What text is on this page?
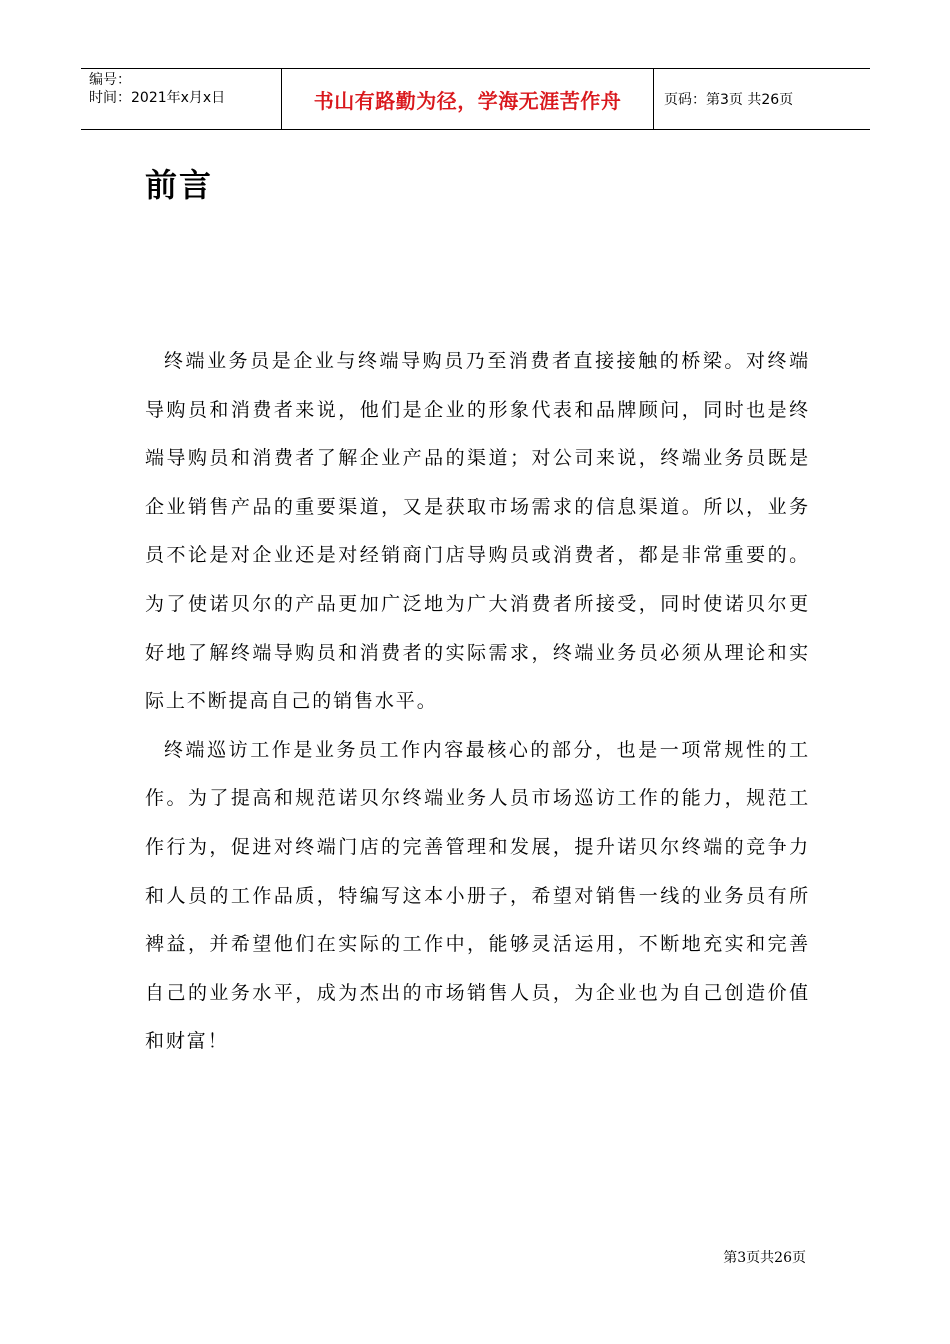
编号：
时间：2021年x月x日	书山有路勤为径，学海无涯苦作舟	页码：第3页 共26页
前言

终端业务员是企业与终端导购员乃至消费者直接接触的桥梁。对终端导购员和消费者来说，他们是企业的形象代表和品牌顾问，同时也是终端导购员和消费者了解企业产品的渠道；对公司来说，终端业务员既是企业销售产品的重要渠道，又是获取市场需求的信息渠道。所以，业务员不论是对企业还是对经销商门店导购员或消费者，都是非常重要的。为了使诺贝尔的产品更加广泛地为广大消费者所接受，同时使诺贝尔更好地了解终端导购员和消费者的实际需求，终端业务员必须从理论和实际上不断提高自己的销售水平。

终端巡访工作是业务员工作内容最核心的部分，也是一项常规性的工作。为了提高和规范诺贝尔终端业务人员市场巡访工作的能力，规范工作行为，促进对终端门店的完善管理和发展，提升诺贝尔终端的竞争力和人员的工作品质，特编写这本小册子，希望对销售一线的业务员有所裨益，并希望他们在实际的工作中，能够灵活运用，不断地充实和完善自己的业务水平，成为杰出的市场销售人员，为企业也为自己创造价值和财富！

第3页共26页
